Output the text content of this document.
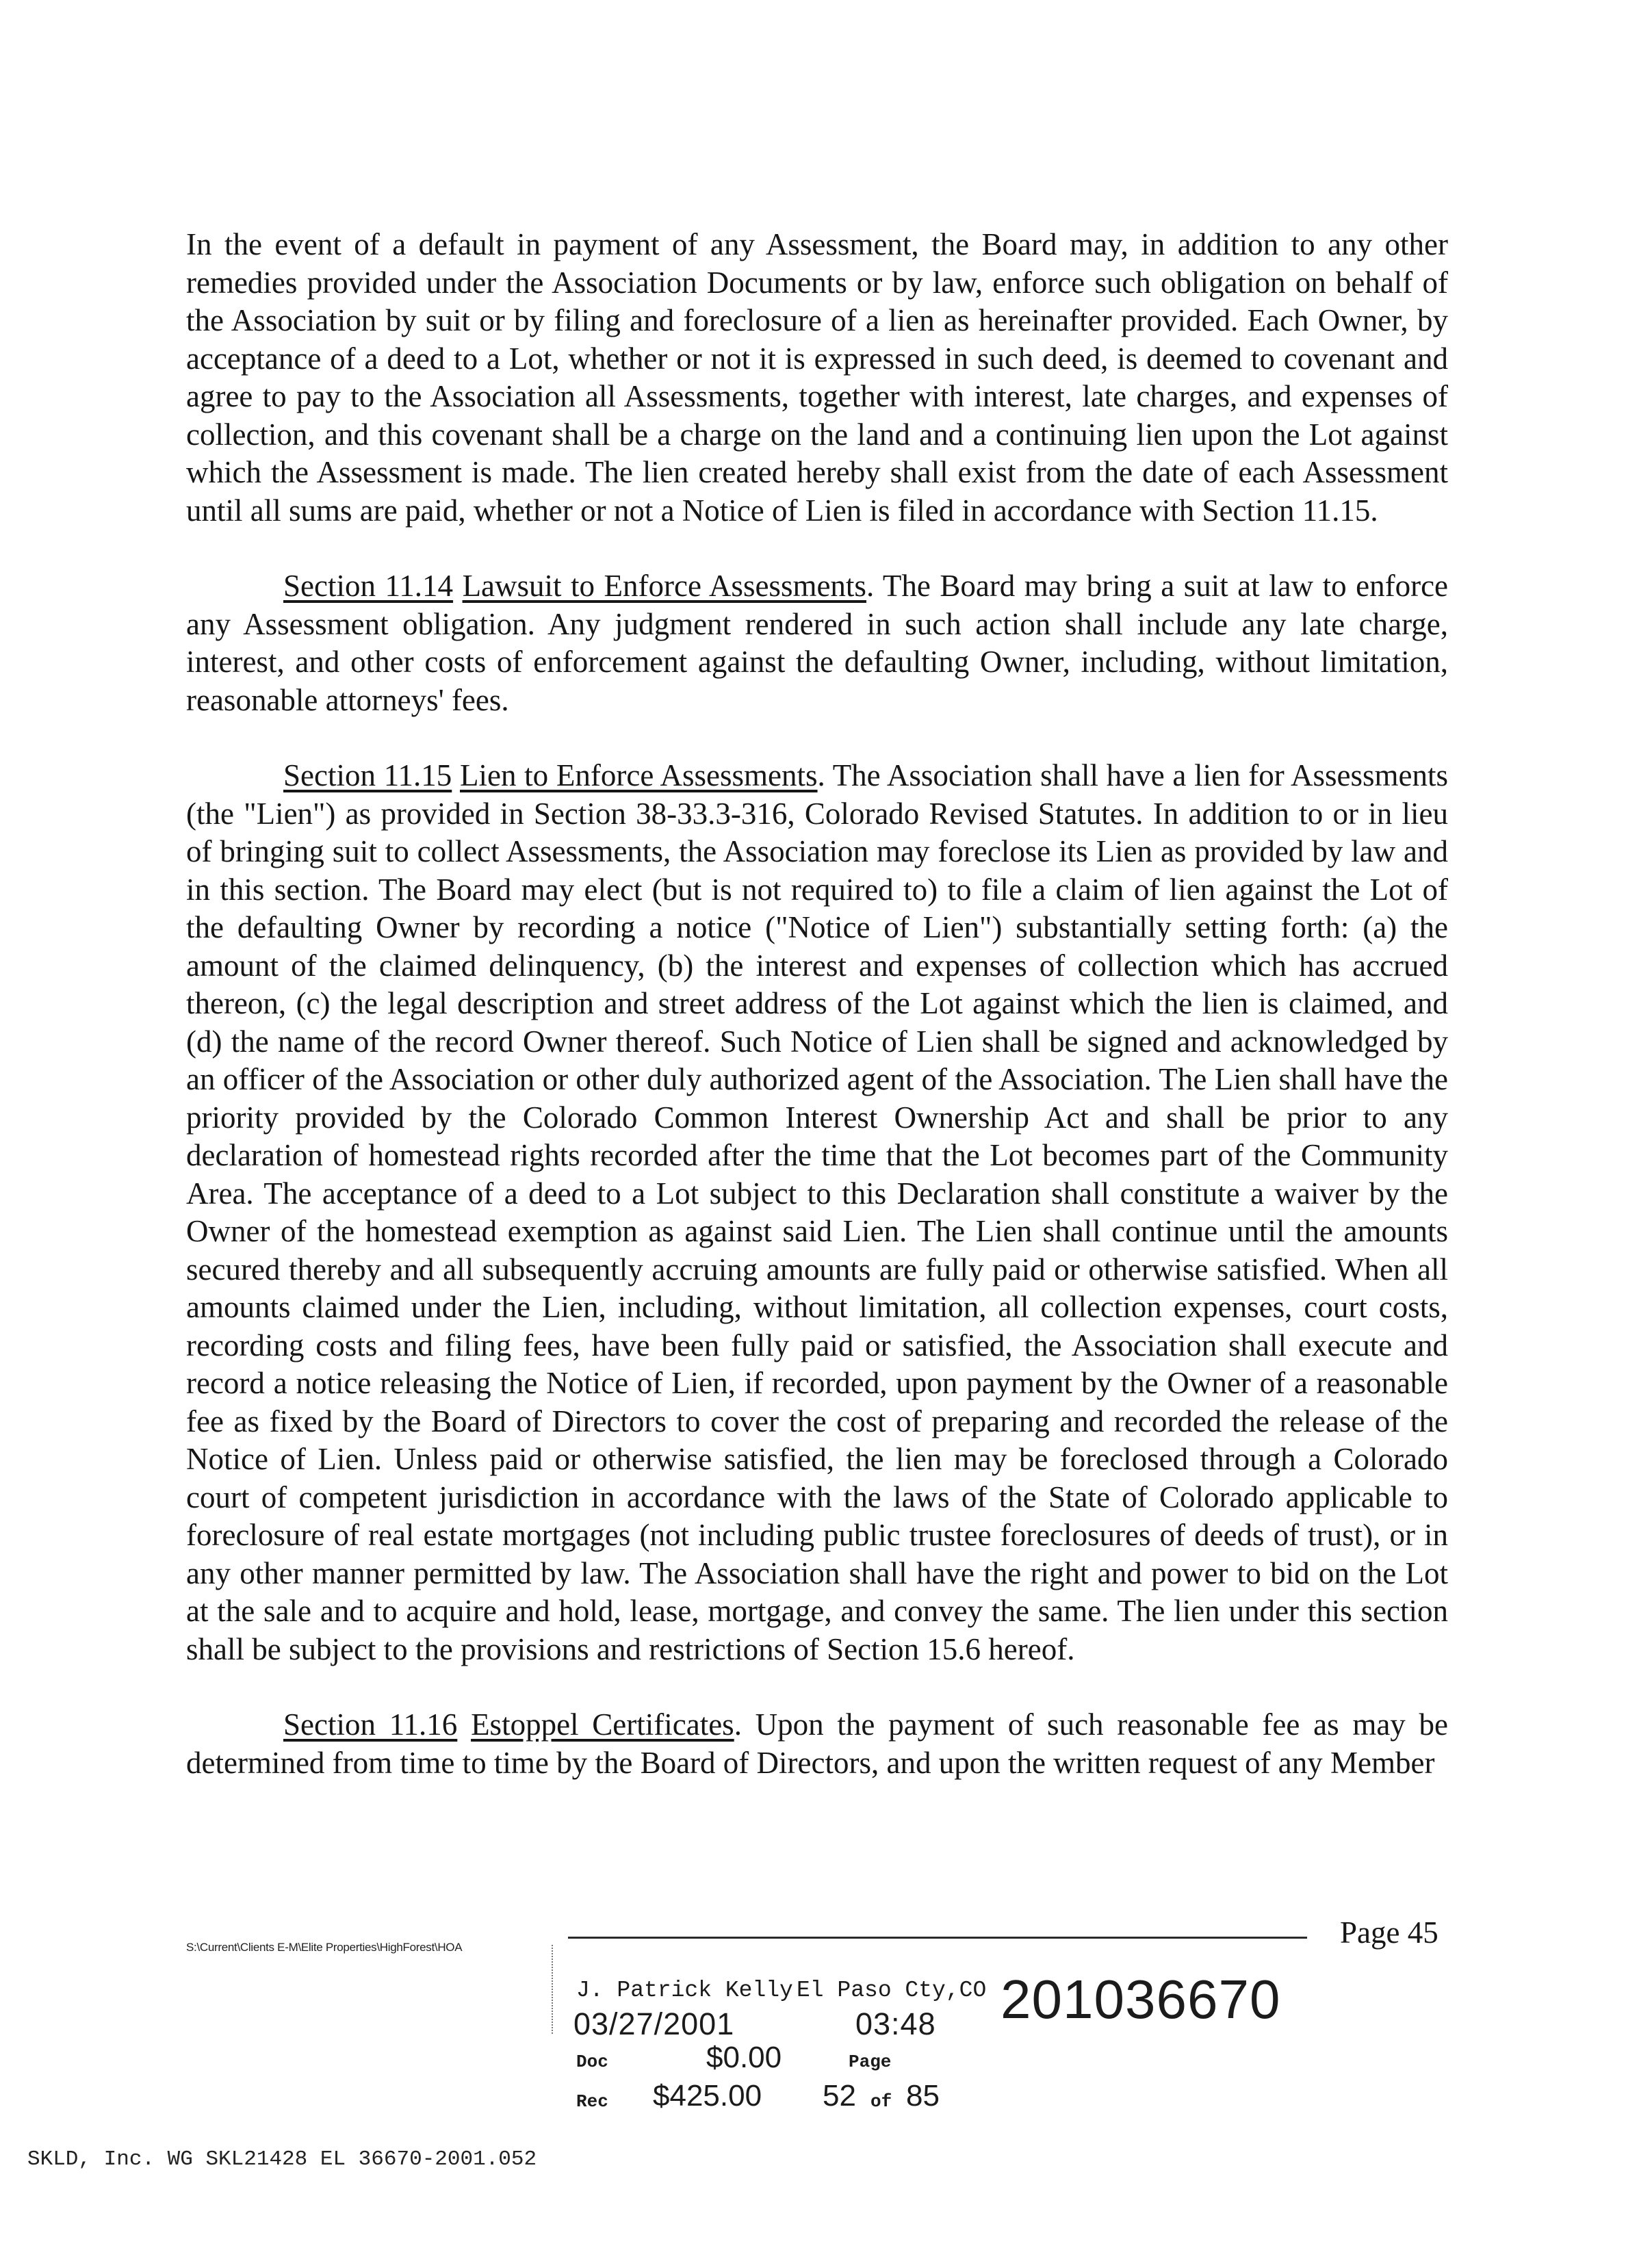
In the event of a default in payment of any Assessment, the Board may, in addition to any other remedies provided under the Association Documents or by law, enforce such obligation on behalf of the Association by suit or by filing and foreclosure of a lien as hereinafter provided. Each Owner, by acceptance of a deed to a Lot, whether or not it is expressed in such deed, is deemed to covenant and agree to pay to the Association all Assessments, together with interest, late charges, and expenses of collection, and this covenant shall be a charge on the land and a continuing lien upon the Lot against which the Assessment is made. The lien created hereby shall exist from the date of each Assessment until all sums are paid, whether or not a Notice of Lien is filed in accordance with Section 11.15.

Section 11.14 Lawsuit to Enforce Assessments. The Board may bring a suit at law to enforce any Assessment obligation. Any judgment rendered in such action shall include any late charge, interest, and other costs of enforcement against the defaulting Owner, including, without limitation, reasonable attorneys' fees.

Section 11.15 Lien to Enforce Assessments. The Association shall have a lien for Assessments (the "Lien") as provided in Section 38-33.3-316, Colorado Revised Statutes. In addition to or in lieu of bringing suit to collect Assessments, the Association may foreclose its Lien as provided by law and in this section. The Board may elect (but is not required to) to file a claim of lien against the Lot of the defaulting Owner by recording a notice ("Notice of Lien") substantially setting forth: (a) the amount of the claimed delinquency, (b) the interest and expenses of collection which has accrued thereon, (c) the legal description and street address of the Lot against which the lien is claimed, and (d) the name of the record Owner thereof. Such Notice of Lien shall be signed and acknowledged by an officer of the Association or other duly authorized agent of the Association. The Lien shall have the priority provided by the Colorado Common Interest Ownership Act and shall be prior to any declaration of homestead rights recorded after the time that the Lot becomes part of the Community Area. The acceptance of a deed to a Lot subject to this Declaration shall constitute a waiver by the Owner of the homestead exemption as against said Lien. The Lien shall continue until the amounts secured thereby and all subsequently accruing amounts are fully paid or otherwise satisfied. When all amounts claimed under the Lien, including, without limitation, all collection expenses, court costs, recording costs and filing fees, have been fully paid or satisfied, the Association shall execute and record a notice releasing the Notice of Lien, if recorded, upon payment by the Owner of a reasonable fee as fixed by the Board of Directors to cover the cost of preparing and recorded the release of the Notice of Lien. Unless paid or otherwise satisfied, the lien may be foreclosed through a Colorado court of competent jurisdiction in accordance with the laws of the State of Colorado applicable to foreclosure of real estate mortgages (not including public trustee foreclosures of deeds of trust), or in any other manner permitted by law. The Association shall have the right and power to bid on the Lot at the sale and to acquire and hold, lease, mortgage, and convey the same. The lien under this section shall be subject to the provisions and restrictions of Section 15.6 hereof.

Section 11.16 Estoppel Certificates. Upon the payment of such reasonable fee as may be determined from time to time by the Board of Directors, and upon the written request of any Member

S:\Current\Clients E-M\Elite Properties\HighForest\HOA	Page 45
J. Patrick Kelly El Paso Cty,CO 201036670
03/27/2001	03:48
Doc	$0.00	Page
Rec $425.00 52 of 85
SKLD, Inc. WG SKL21428 EL 36670-2001.052
